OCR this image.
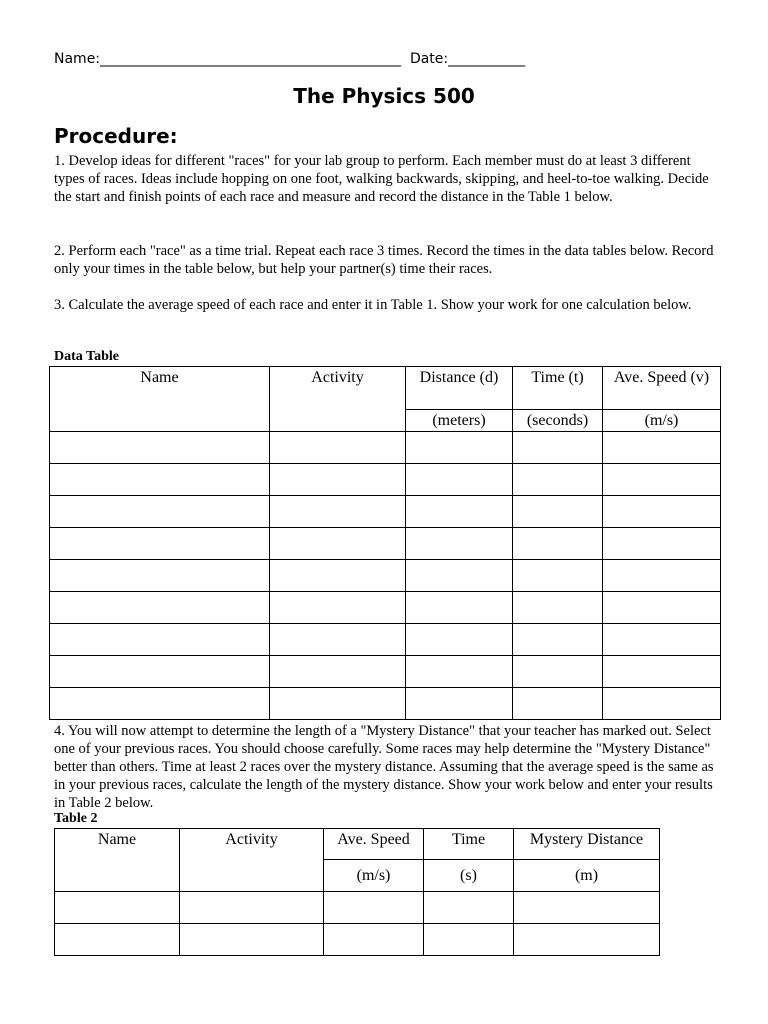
Name:___________________________________________ Date:___________
The Physics 500
Procedure:
1. Develop ideas for different "races" for your lab group to perform. Each member must do at least 3 different types of races. Ideas include hopping on one foot, walking backwards, skipping, and heel-to-toe walking. Decide the start and finish points of each race and measure and record the distance in the Table 1 below.
2. Perform each "race" as a time trial. Repeat each race 3 times. Record the times in the data tables below. Record only your times in the table below, but help your partner(s) time their races.
3. Calculate the average speed of each race and enter it in Table 1. Show your work for one calculation below.
Data Table
Name	Activity	Distance (d)	Time (t)	Ave. Speed (v)
		(meters)	(seconds)	(m/s)

4. You will now attempt to determine the length of a "Mystery Distance" that your teacher has marked out. Select one of your previous races. You should choose carefully. Some races may help determine the "Mystery Distance" better than others. Time at least 2 races over the mystery distance. Assuming that the average speed is the same as in your previous races, calculate the length of the mystery distance. Show your work below and enter your results in Table 2 below.
Table 2
Name	Activity	Ave. Speed	Time	Mystery Distance
		(m/s)	(s)	(m)
